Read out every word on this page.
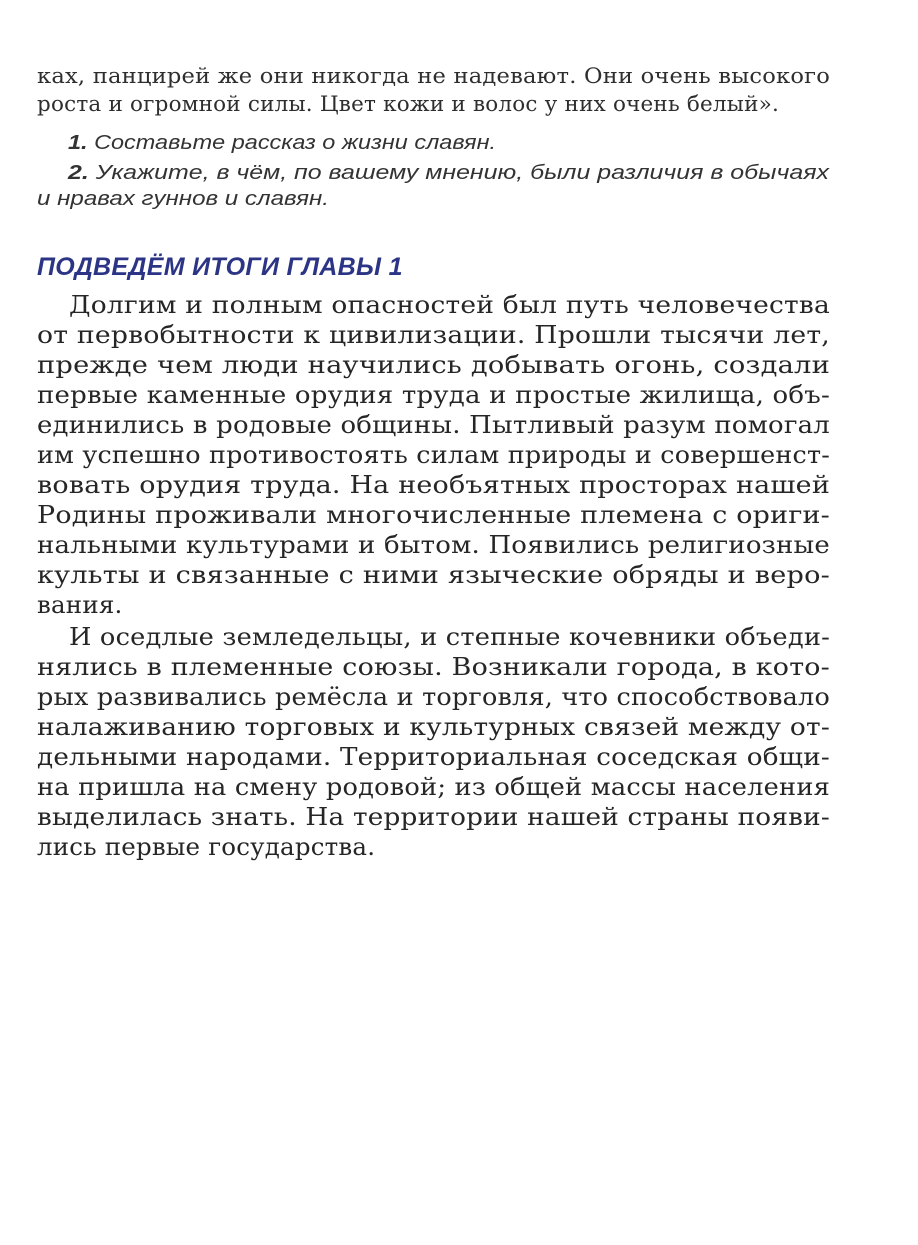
ках, панцирей же они никогда не надевают. Они очень высокого
роста и огромной силы. Цвет кожи и волос у них очень белый».
1. Составьте рассказ о жизни славян.
2. Укажите, в чём, по вашему мнению, были различия в обычаях
и нравах гуннов и славян.
ПОДВЕДЁМ ИТОГИ ГЛАВЫ 1
Долгим и полным опасностей был путь человечества
от первобытности к цивилизации. Прошли тысячи лет,
прежде чем люди научились добывать огонь, создали
первые каменные орудия труда и простые жилища, объ-
единились в родовые общины. Пытливый разум помогал
им успешно противостоять силам природы и совершенст-
вовать орудия труда. На необъятных просторах нашей
Родины проживали многочисленные племена с ориги-
нальными культурами и бытом. Появились религиозные
культы и связанные с ними языческие обряды и веро-
вания.
И оседлые земледельцы, и степные кочевники объеди-
нялись в племенные союзы. Возникали города, в кото-
рых развивались ремёсла и торговля, что способствовало
налаживанию торговых и культурных связей между от-
дельными народами. Территориальная соседская общи-
на пришла на смену родовой; из общей массы населения
выделилась знать. На территории нашей страны появи-
лись первые государства.
